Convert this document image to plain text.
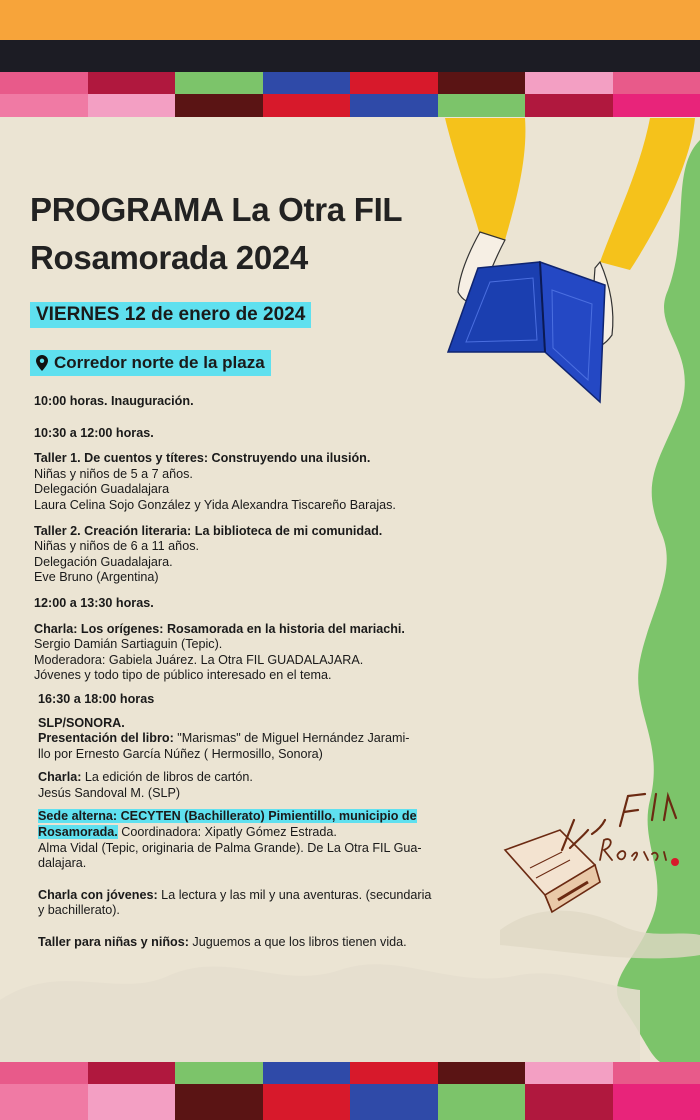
PROGRAMA La Otra FIL
Rosamorada 2024
VIERNES 12 de enero de 2024
Corredor norte de la plaza

10:00 horas. Inauguración.

10:30 a 12:00 horas.

Taller 1. De cuentos y títeres: Construyendo una ilusión.

Niñas y niños de 5 a 7 años.

Delegación Guadalajara

Laura Celina Sojo González y Yida Alexandra Tiscareño Barajas.

Taller 2. Creación literaria: La biblioteca de mi comunidad.

Niñas y niños de 6 a 11 años.

Delegación Guadalajara.

Eve Bruno (Argentina)

12:00 a 13:30 horas.

Charla: Los orígenes: Rosamorada en la historia del mariachi.

Sergio Damián Sartiaguin (Tepic).

Moderadora: Gabiela Juárez. La Otra FIL GUADALAJARA.

Jóvenes y todo tipo de público interesado en el tema.

16:30 a 18:00 horas

SLP/SONORA.

Presentación del libro: "Marismas" de Miguel Hernández Jarami-

llo por Ernesto García Núñez ( Hermosillo, Sonora)

Charla: La edición de libros de cartón.

Jesús Sandoval M. (SLP)

Sede alterna: CECYTEN (Bachillerato) Pimientillo, municipio de

Rosamorada. Coordinadora: Xipatly Gómez Estrada.

Alma Vidal (Tepic, originaria de Palma Grande). De La Otra FIL Gua-

dalajara.

Charla con jóvenes: La lectura y las mil y una aventuras. (secundaria

y bachillerato).

Taller para niñas y niños: Juguemos a que los libros tienen vida.
